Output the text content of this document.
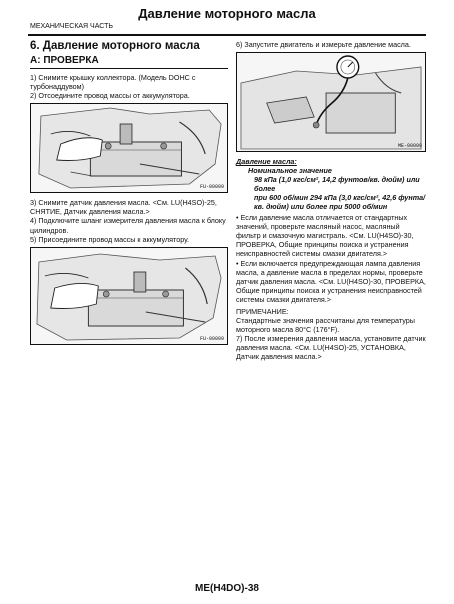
Давление моторного масла
МЕХАНИЧЕСКАЯ ЧАСТЬ
6. Давление моторного масла
A: ПРОВЕРКА

1) Снимите крышку коллектора. (Модель DOHC с турбонаддувом)

2) Отсоедините провод массы от аккумулятора.

FU-00009

3) Снимите датчик давления масла. <См. LU(H4SO)-25, СНЯТИЕ, Датчик давления масла.>

4) Подключите шланг измерителя давления масла к блоку цилиндров.

5) Присоедините провод массы к аккумулятору.

FU-00009

6) Запустите двигатель и измерьте давление масла.

ME-00009

Давление масла:

Номинальное значение

98 кПа (1,0 кгс/см², 14,2 фунтов/кв. дюйм) или более

при 600 об/мин 294 кПа (3,0 кгс/см², 42,6 фунта/кв. дюйм) или более при 5000 об/мин

• Если давление масла отличается от стандартных значений, проверьте масляный насос, масляный фильтр и смазочную магистраль. <См. LU(H4SO)-30, ПРОВЕРКА, Общие принципы поиска и устранения неисправностей системы смазки двигателя.>

• Если включается предупреждающая лампа давления масла, а давление масла в пределах нормы, проверьте датчик давления масла. <См. LU(H4SO)-30, ПРОВЕРКА, Общие принципы поиска и устранения неисправностей системы смазки двигателя.>

ПРИМЕЧАНИЕ:

Стандартные значения рассчитаны для температуры моторного масла 80°C (176°F).

7) После измерения давления масла, установите датчик давления масла. <См. LU(H4SO)-25, УСТАНОВКА, Датчик давления масла.>

ME(H4DO)-38
